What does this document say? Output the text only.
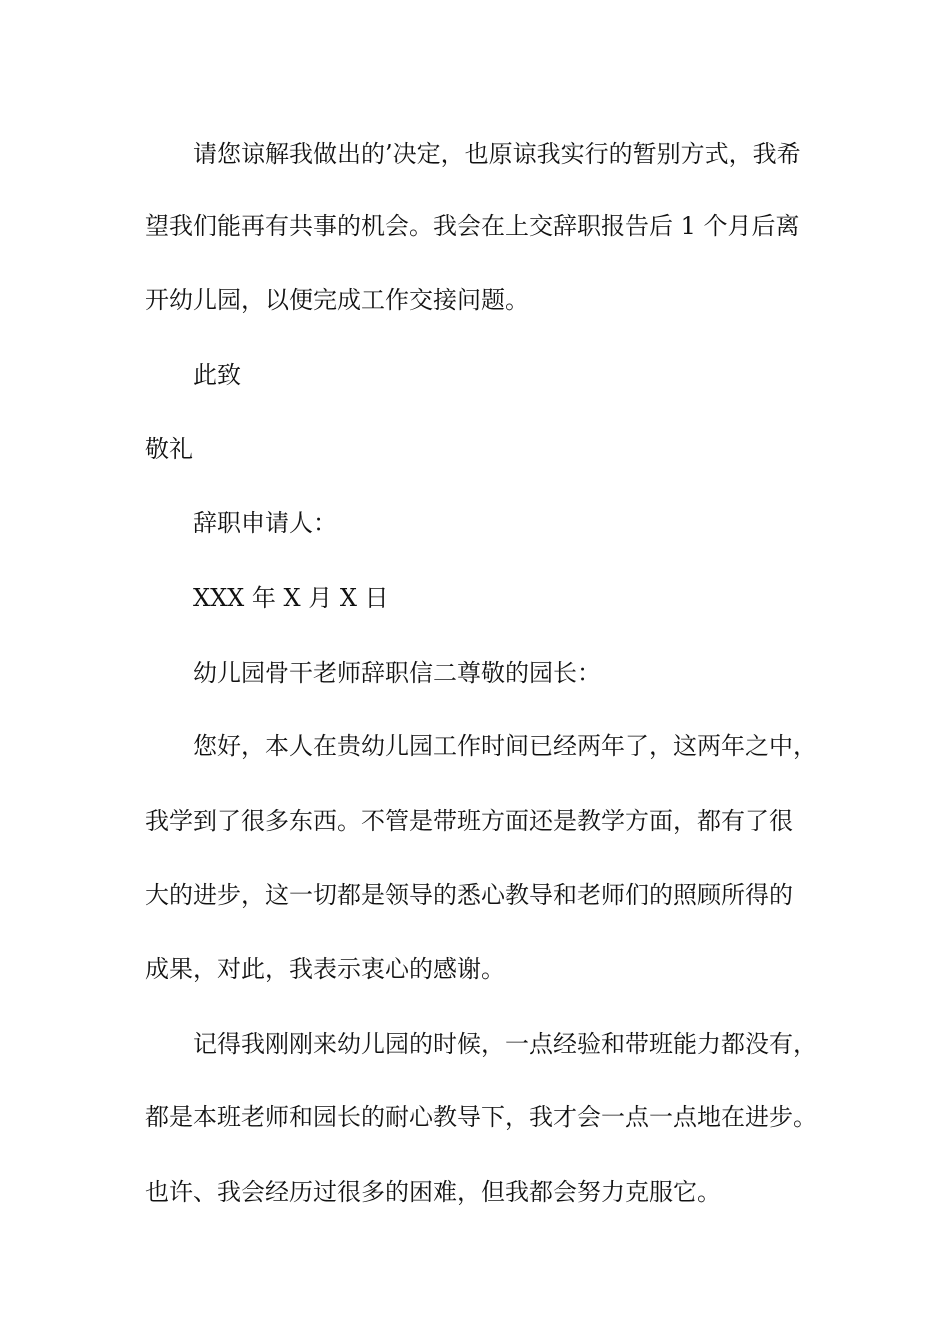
请您谅解我做出的’决定，也原谅我实行的暂别方式，我希

望我们能再有共事的机会。我会在上交辞职报告后 1 个月后离

开幼儿园，以便完成工作交接问题。

此致

敬礼

辞职申请人：

XXX 年 X 月 X 日

幼儿园骨干老师辞职信二尊敬的园长：

您好，本人在贵幼儿园工作时间已经两年了，这两年之中，

我学到了很多东西。不管是带班方面还是教学方面，都有了很

大的进步，这一切都是领导的悉心教导和老师们的照顾所得的

成果，对此，我表示衷心的感谢。

记得我刚刚来幼儿园的时候，一点经验和带班能力都没有，

都是本班老师和园长的耐心教导下，我才会一点一点地在进步。

也许、我会经历过很多的困难，但我都会努力克服它。
